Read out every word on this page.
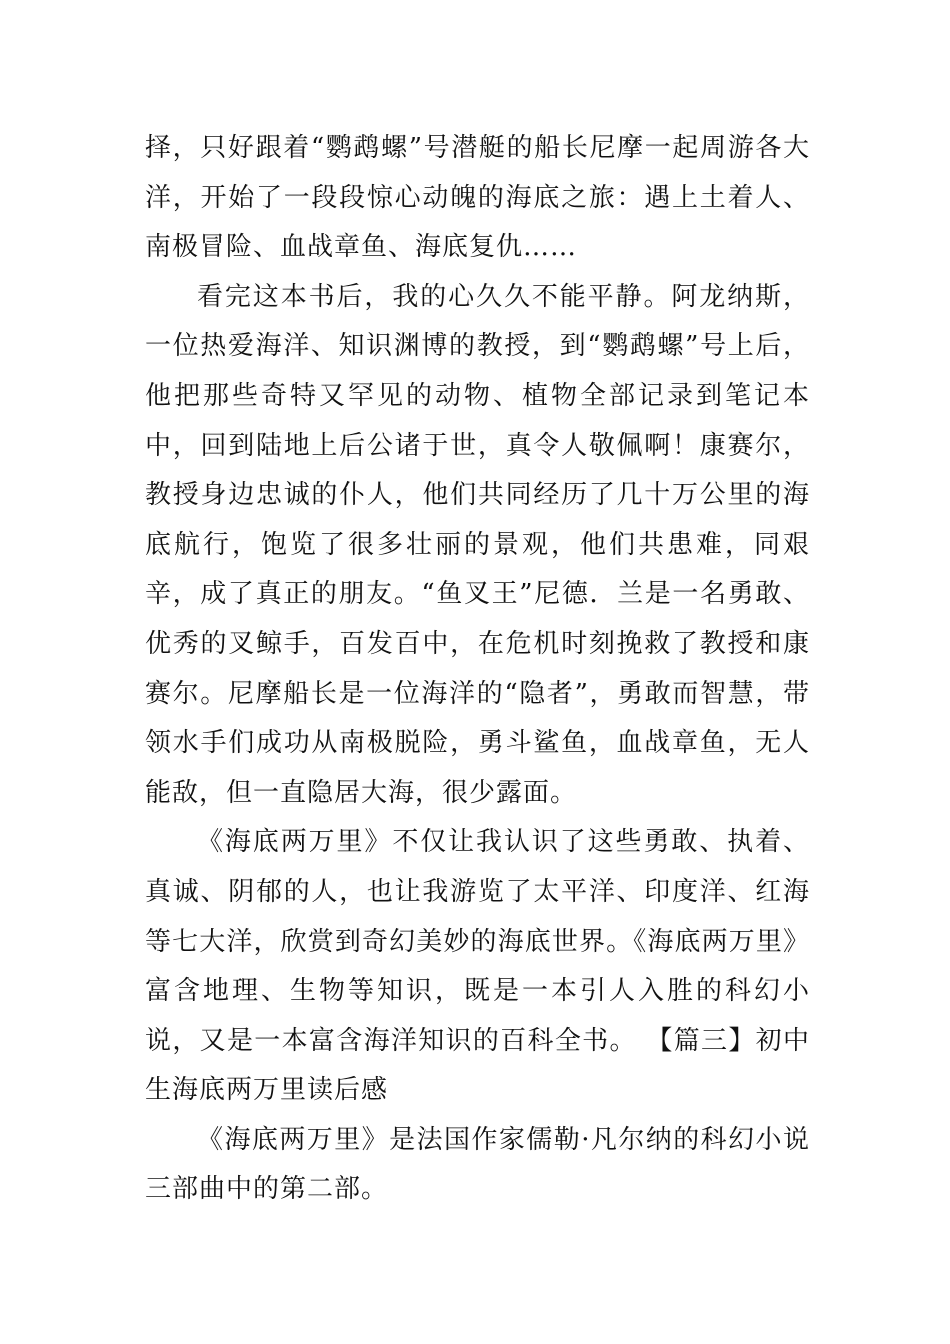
择，只好跟着“鹦鹉螺”号潜艇的船长尼摩一起周游各大洋，开始了一段段惊心动魄的海底之旅：遇上土着人、南极冒险、血战章鱼、海底复仇……

看完这本书后，我的心久久不能平静。阿龙纳斯，一位热爱海洋、知识渊博的教授，到“鹦鹉螺”号上后，他把那些奇特又罕见的动物、植物全部记录到笔记本中，回到陆地上后公诸于世，真令人敬佩啊！康赛尔，教授身边忠诚的仆人，他们共同经历了几十万公里的海底航行，饱览了很多壮丽的景观，他们共患难，同艰辛，成了真正的朋友。“鱼叉王”尼德．兰是一名勇敢、优秀的叉鲸手，百发百中，在危机时刻挽救了教授和康赛尔。尼摩船长是一位海洋的“隐者”，勇敢而智慧，带领水手们成功从南极脱险，勇斗鲨鱼，血战章鱼，无人能敌，但一直隐居大海，很少露面。

《海底两万里》不仅让我认识了这些勇敢、执着、真诚、阴郁的人，也让我游览了太平洋、印度洋、红海等七大洋，欣赏到奇幻美妙的海底世界。《海底两万里》富含地理、生物等知识，既是一本引人入胜的科幻小说，又是一本富含海洋知识的百科全书。 【篇三】初中生海底两万里读后感

《海底两万里》是法国作家儒勒·凡尔纳的科幻小说三部曲中的第二部。
